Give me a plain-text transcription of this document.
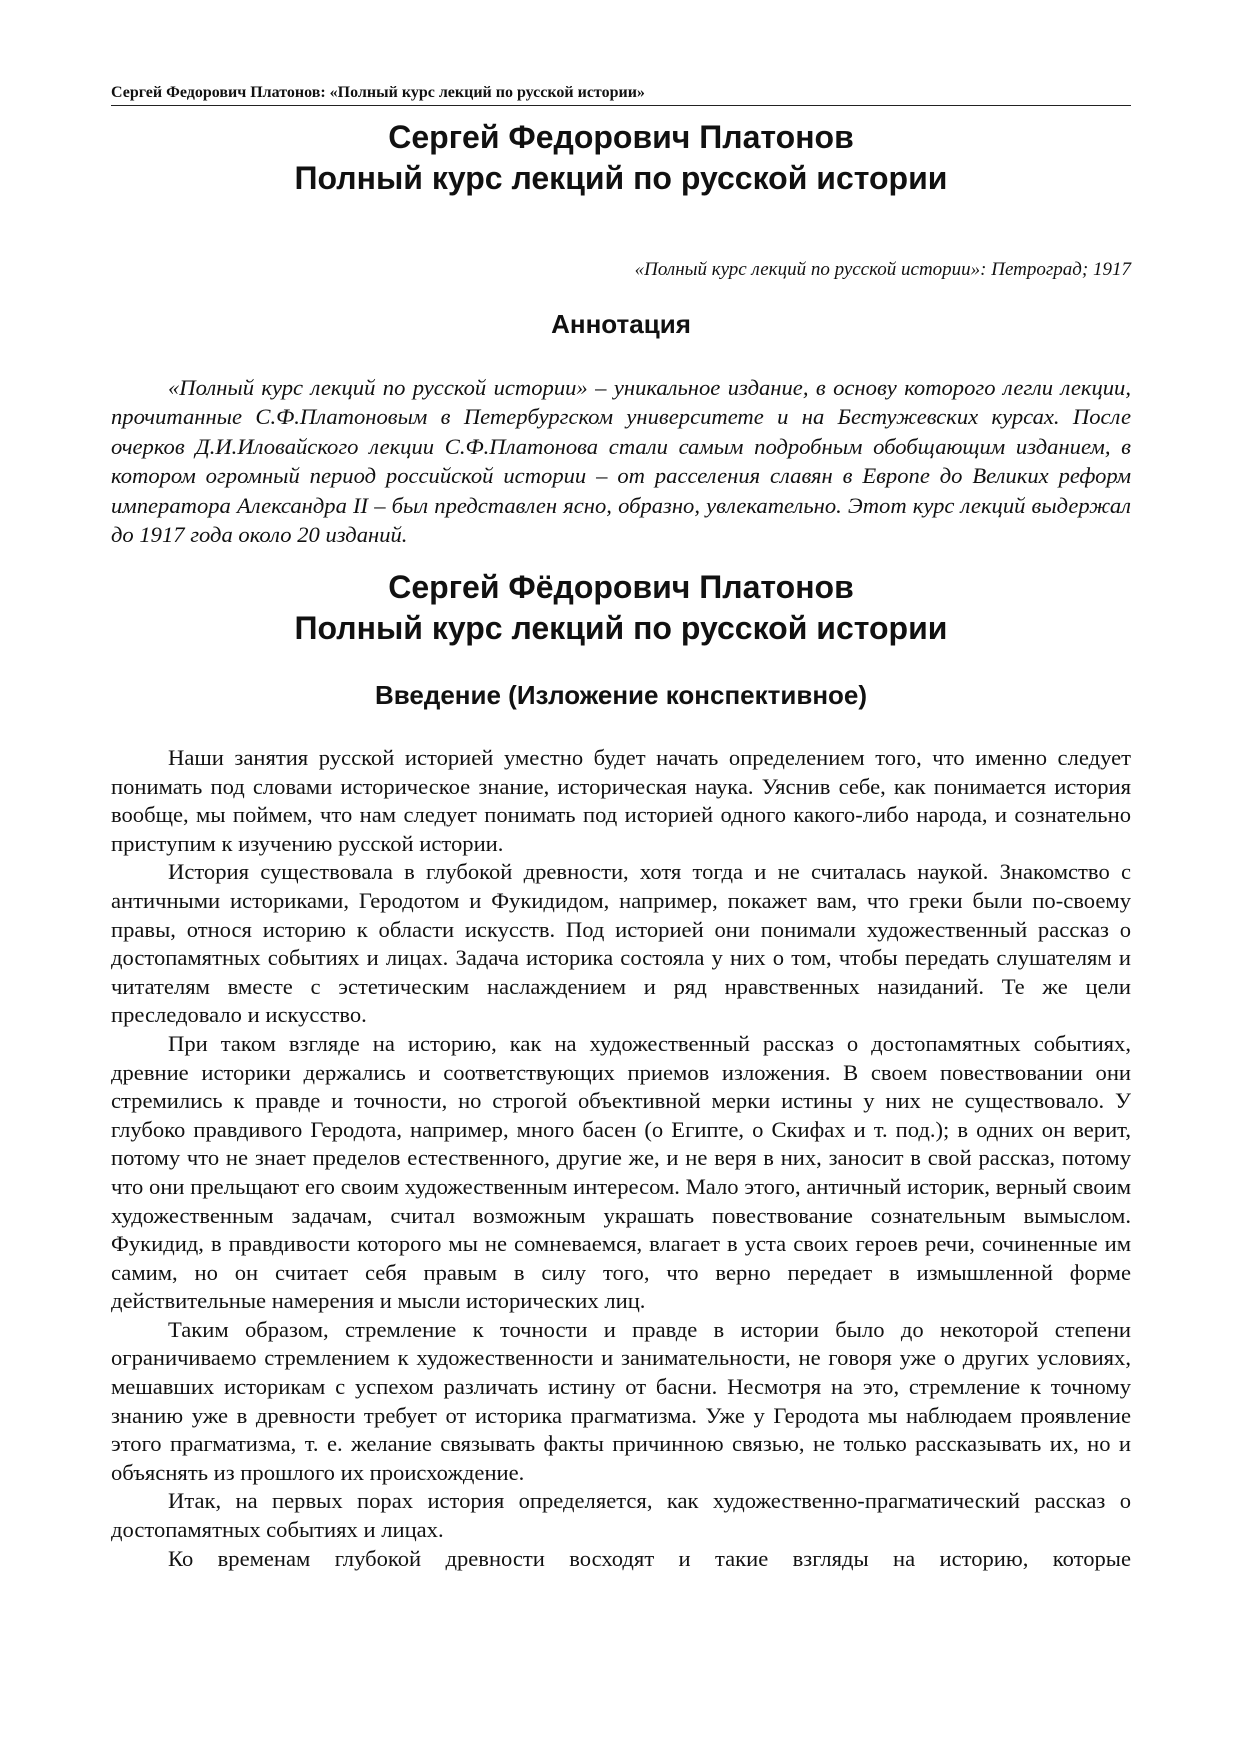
Сергей Федорович Платонов: «Полный курс лекций по русской истории»
Сергей Федорович Платонов
Полный курс лекций по русской истории
«Полный курс лекций по русской истории»: Петроград; 1917
Аннотация
«Полный курс лекций по русской истории» – уникальное издание, в основу которого легли лекции, прочитанные С.Ф.Платоновым в Петербургском университете и на Бестужевских курсах. После очерков Д.И.Иловайского лекции С.Ф.Платонова стали самым подробным обобщающим изданием, в котором огромный период российской истории – от расселения славян в Европе до Великих реформ императора Александра II – был представлен ясно, образно, увлекательно. Этот курс лекций выдержал до 1917 года около 20 изданий.
Сергей Фёдорович Платонов
Полный курс лекций по русской истории
Введение (Изложение конспективное)

Наши занятия русской историей уместно будет начать определением того, что именно следует понимать под словами историческое знание, историческая наука. Уяснив себе, как понимается история вообще, мы поймем, что нам следует понимать под историей одного какого-либо народа, и сознательно приступим к изучению русской истории.

История существовала в глубокой древности, хотя тогда и не считалась наукой. Знакомство с античными историками, Геродотом и Фукидидом, например, покажет вам, что греки были по-своему правы, относя историю к области искусств. Под историей они понимали художественный рассказ о достопамятных событиях и лицах. Задача историка состояла у них о том, чтобы передать слушателям и читателям вместе с эстетическим наслаждением и ряд нравственных назиданий. Те же цели преследовало и искусство.

При таком взгляде на историю, как на художественный рассказ о достопамятных событиях, древние историки держались и соответствующих приемов изложения. В своем повествовании они стремились к правде и точности, но строгой объективной мерки истины у них не существовало. У глубоко правдивого Геродота, например, много басен (о Египте, о Скифах и т. под.); в одних он верит, потому что не знает пределов естественного, другие же, и не веря в них, заносит в свой рассказ, потому что они прельщают его своим художественным интересом. Мало этого, античный историк, верный своим художественным задачам, считал возможным украшать повествование сознательным вымыслом. Фукидид, в правдивости которого мы не сомневаемся, влагает в уста своих героев речи, сочиненные им самим, но он считает себя правым в силу того, что верно передает в измышленной форме действительные намерения и мысли исторических лиц.

Таким образом, стремление к точности и правде в истории было до некоторой степени ограничиваемо стремлением к художественности и занимательности, не говоря уже о других условиях, мешавших историкам с успехом различать истину от басни. Несмотря на это, стремление к точному знанию уже в древности требует от историка прагматизма. Уже у Геродота мы наблюдаем проявление этого прагматизма, т. е. желание связывать факты причинною связью, не только рассказывать их, но и объяснять из прошлого их происхождение.

Итак, на первых порах история определяется, как художественно-прагматический рассказ о достопамятных событиях и лицах.

Ко временам глубокой древности восходят и такие взгляды на историю, которые
